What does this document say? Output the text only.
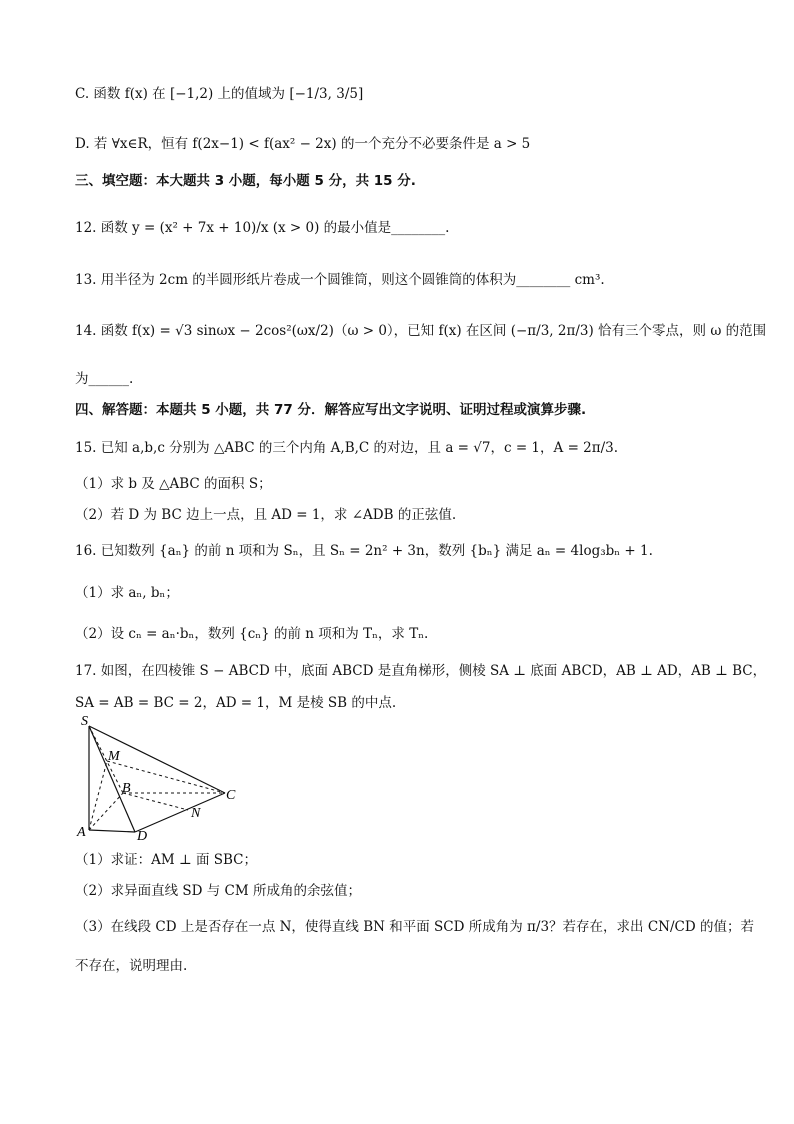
C. 函数 f(x) 在 [−1,2) 上的值域为 [−1/3, 3/5]
D. 若 ∀x∈R，恒有 f(2x−1) < f(ax² − 2x) 的一个充分不必要条件是 a > 5
三、填空题：本大题共 3 小题，每小题 5 分，共 15 分.
12. 函数 y = (x² + 7x + 10)/x (x > 0) 的最小值是________.
13. 用半径为 2cm 的半圆形纸片卷成一个圆锥筒，则这个圆锥筒的体积为________ cm³.
14. 函数 f(x) = √3 sinωx − 2cos²(ωx/2)（ω > 0），已知 f(x) 在区间 (−π/3, 2π/3) 恰有三个零点，则 ω 的范围
为______.
四、解答题：本题共 5 小题，共 77 分．解答应写出文字说明、证明过程或演算步骤.
15. 已知 a,b,c 分别为 △ABC 的三个内角 A,B,C 的对边，且 a = √7，c = 1，A = 2π/3.
（1）求 b 及 △ABC 的面积 S；
（2）若 D 为 BC 边上一点，且 AD = 1，求 ∠ADB 的正弦值.
16. 已知数列 {aₙ} 的前 n 项和为 Sₙ，且 Sₙ = 2n² + 3n，数列 {bₙ} 满足 aₙ = 4log₃bₙ + 1.
（1）求 aₙ, bₙ；
（2）设 cₙ = aₙ·bₙ，数列 {cₙ} 的前 n 项和为 Tₙ，求 Tₙ.
17. 如图，在四棱锥 S − ABCD 中，底面 ABCD 是直角梯形，侧棱 SA ⊥ 底面 ABCD，AB ⊥ AD，AB ⊥ BC，
SA = AB = BC = 2，AD = 1，M 是棱 SB 的中点.
S
M
B	C
N
A	D
（1）求证：AM ⊥ 面 SBC；
（2）求异面直线 SD 与 CM 所成角的余弦值；
（3）在线段 CD 上是否存在一点 N，使得直线 BN 和平面 SCD 所成角为 π/3？若存在，求出 CN/CD 的值；若
不存在，说明理由.
